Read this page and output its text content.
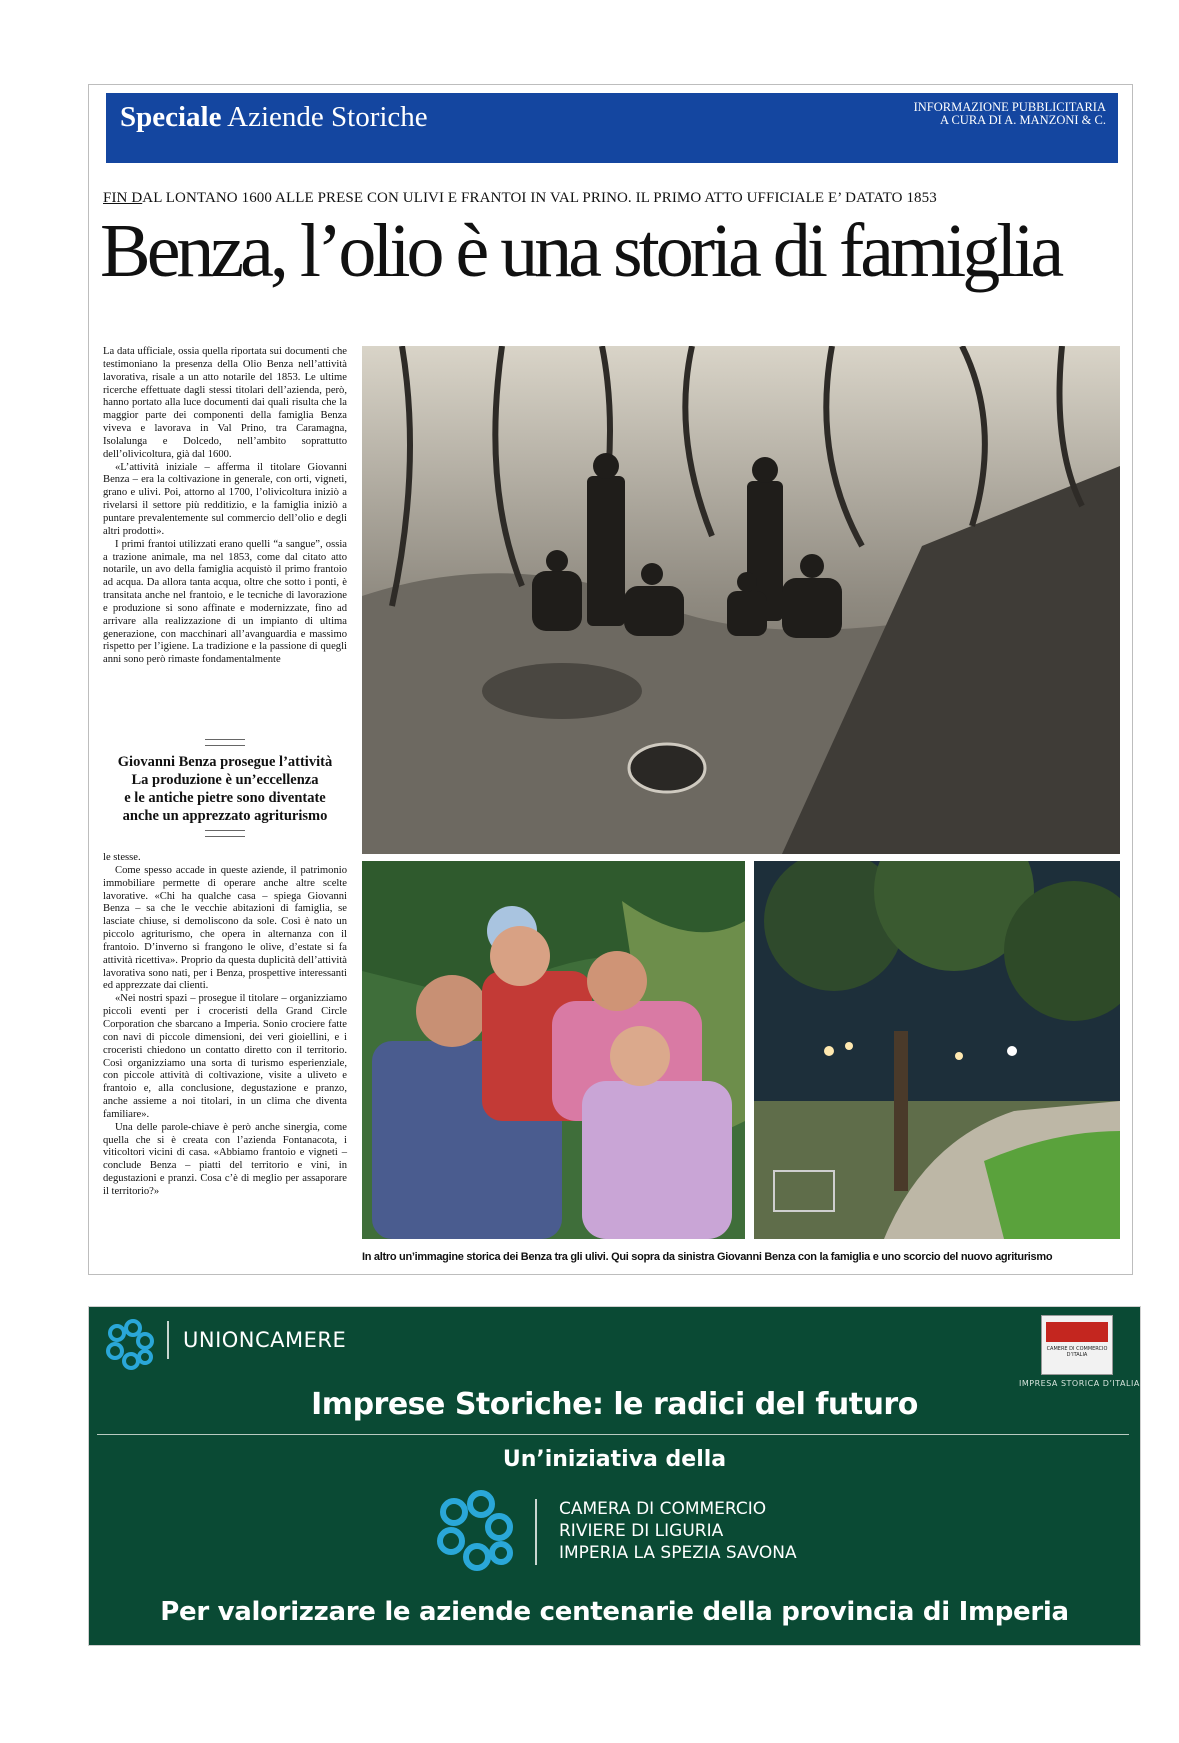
Speciale Aziende Storiche	INFORMAZIONE PUBBLICITARIA
A CURA DI A. MANZONI & C.
FIN DAL LONTANO 1600 ALLE PRESE CON ULIVI E FRANTOI IN VAL PRINO. IL PRIMO ATTO UFFICIALE E’ DATATO 1853
Benza, l’olio è una storia di famiglia

La data ufficiale, ossia quella riportata sui documenti che testimoniano la presenza della Olio Benza nell’attività lavorativa, risale a un atto notarile del 1853. Le ultime ricerche effettuate dagli stessi titolari dell’azienda, però, hanno portato alla luce documenti dai quali risulta che la maggior parte dei componenti della famiglia Benza viveva e lavorava in Val Prino, tra Caramagna, Isolalunga e Dolcedo, nell’ambito soprattutto dell’olivicoltura, già dal 1600.

«L’attività iniziale – afferma il titolare Giovanni Benza – era la coltivazione in generale, con orti, vigneti, grano e ulivi. Poi, attorno al 1700, l’olivicoltura iniziò a rivelarsi il settore più redditizio, e la famiglia iniziò a puntare prevalentemente sul commercio dell’olio e degli altri prodotti».

I primi frantoi utilizzati erano quelli “a sangue”, ossia a trazione animale, ma nel 1853, come dal citato atto notarile, un avo della famiglia acquistò il primo frantoio ad acqua. Da allora tanta acqua, oltre che sotto i ponti, è transitata anche nel frantoio, e le tecniche di lavorazione e produzione si sono affinate e modernizzate, fino ad arrivare alla realizzazione di un impianto di ultima generazione, con macchinari all’avanguardia e massimo rispetto per l’igiene. La tradizione e la passione di quegli anni sono però rimaste fondamentalmente

Giovanni Benza prosegue l’attività
La produzione è un’eccellenza
e le antiche pietre sono diventate
anche un apprezzato agriturismo

le stesse.

Come spesso accade in queste aziende, il patrimonio immobiliare permette di operare anche altre scelte lavorative. «Chi ha qualche casa – spiega Giovanni Benza – sa che le vecchie abitazioni di famiglia, se lasciate chiuse, si demoliscono da sole. Così è nato un piccolo agriturismo, che opera in alternanza con il frantoio. D’inverno si frangono le olive, d’estate si fa attività ricettiva». Proprio da questa duplicità dell’attività lavorativa sono nati, per i Benza, prospettive interessanti ed apprezzate dai clienti.

«Nei nostri spazi – prosegue il titolare – organizziamo piccoli eventi per i croceristi della Grand Circle Corporation che sbarcano a Imperia. Sonio crociere fatte con navi di piccole dimensioni, dei veri gioiellini, e i croceristi chiedono un contatto diretto con il territorio. Così organizziamo una sorta di turismo esperienziale, con piccole attività di coltivazione, visite a uliveto e frantoio e, alla conclusione, degustazione e pranzo, anche assieme a noi titolari, in un clima che diventa familiare».

Una delle parole-chiave è però anche sinergia, come quella che si è creata con l’azienda Fontanacota, i viticoltori vicini di casa. «Abbiamo frantoio e vigneti – conclude Benza – piatti del territorio e vini, in degustazioni e pranzi. Cosa c’è di meglio per assaporare il territorio?»

In altro un’immagine storica dei Benza tra gli ulivi. Qui sopra da sinistra Giovanni Benza con la famiglia e uno scorcio del nuovo agriturismo
UNIONCAMERE	CAMERE DI COMMERCIO D’ITALIA
IMPRESA STORICA D’ITALIA
Imprese Storiche: le radici del futuro
Un’iniziativa della
CAMERA DI COMMERCIO
RIVIERE DI LIGURIA
IMPERIA LA SPEZIA SAVONA
Per valorizzare le aziende centenarie della provincia di Imperia
